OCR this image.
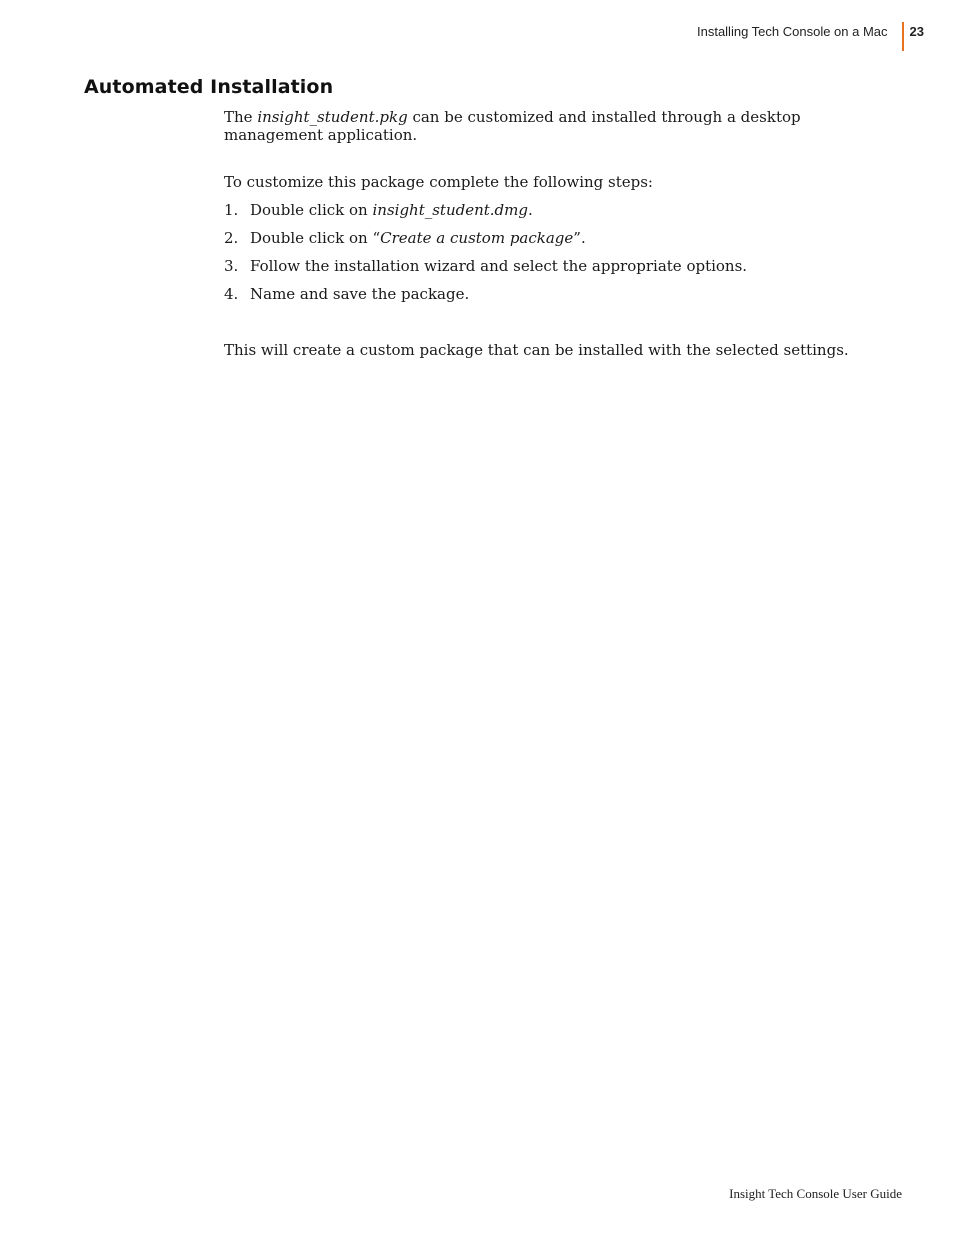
Installing Tech Console on a Mac 23
Automated Installation

The insight_student.pkg can be customized and installed through a desktop management application.

To customize this package complete the following steps:

1. Double click on insight_student.dmg.
2. Double click on “Create a custom package”.
3. Follow the installation wizard and select the appropriate options.
4. Name and save the package.

This will create a custom package that can be installed with the selected settings.

Insight Tech Console User Guide
